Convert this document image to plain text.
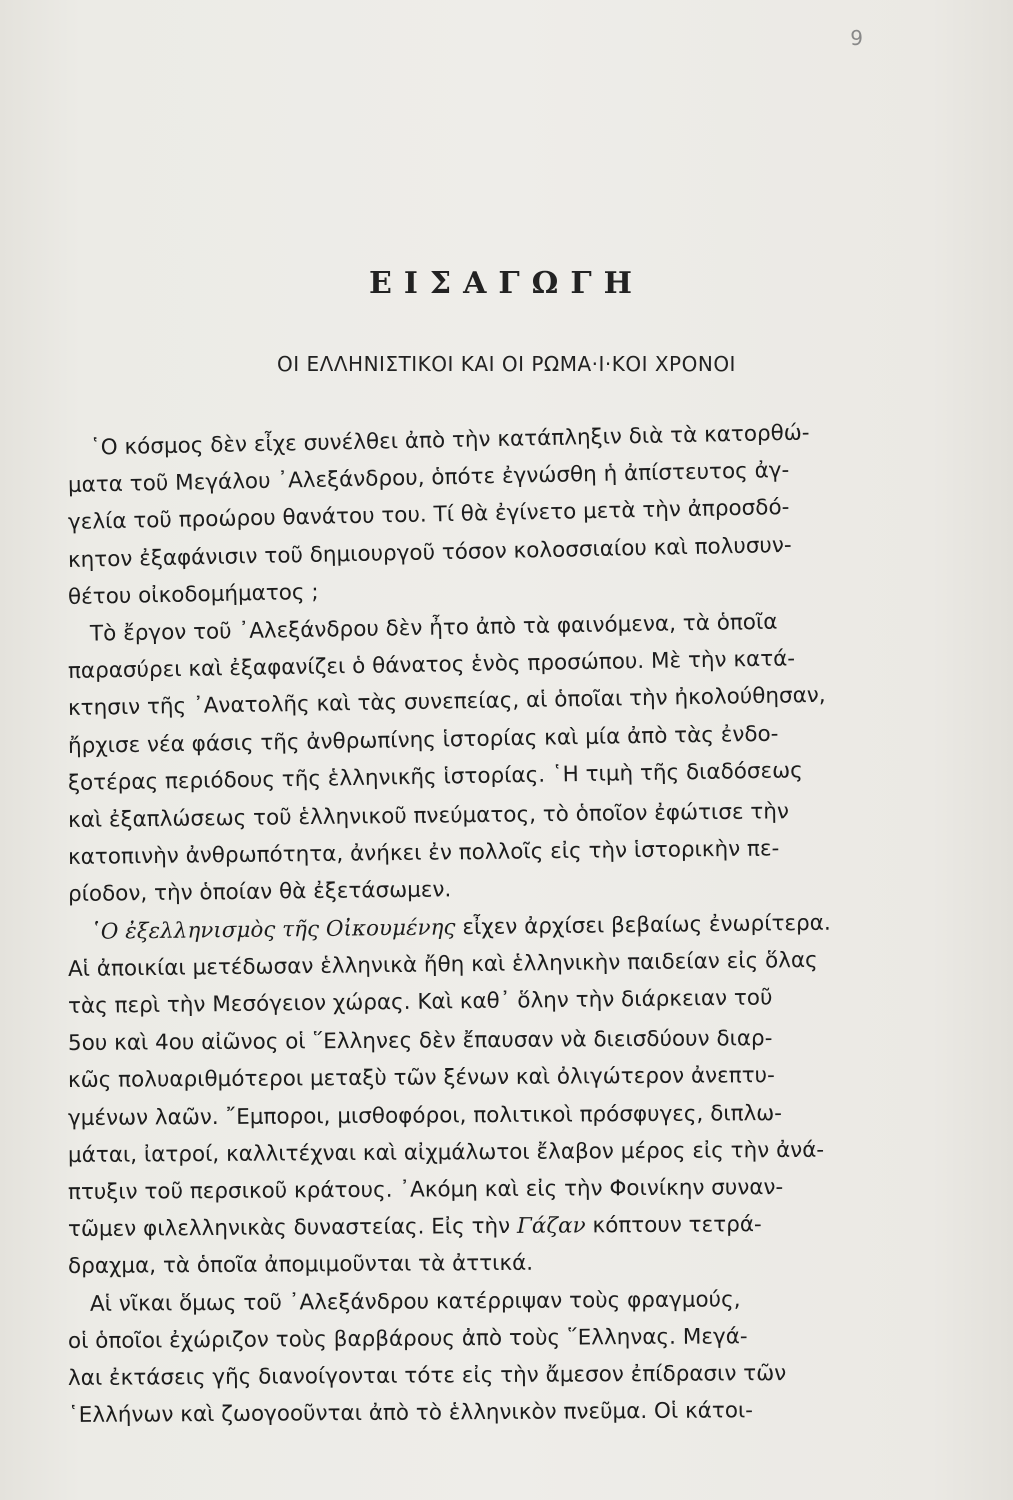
9
ΕΙΣΑΓΩΓΗ
ΟΙ ΕΛΛΗΝΙΣΤΙΚΟΙ ΚΑΙ ΟΙ ΡΩΜΑ·Ι·ΚΟΙ ΧΡΟΝΟΙ
῾Ο κόσμος δὲν εἶχε συνέλθει ἀπὸ τὴν κατάπληξιν διὰ τὰ κατορθώ-
ματα τοῦ Μεγάλου ᾿Αλεξάνδρου, ὁπότε ἐγνώσθη ἡ ἀπίστευτος ἀγ-
γελία τοῦ προώρου θανάτου του. Τί θὰ ἐγίνετο μετὰ τὴν ἀπροσδό-
κητον ἐξαφάνισιν τοῦ δημιουργοῦ τόσον κολοσσιαίου καὶ πολυσυν-
θέτου οἰκοδομήματος ;
Τὸ ἔργον τοῦ ᾿Αλεξάνδρου δὲν ἦτο ἀπὸ τὰ φαινόμενα, τὰ ὁποῖα
παρασύρει καὶ ἐξαφανίζει ὁ θάνατος ἑνὸς προσώπου. Μὲ τὴν κατά-
κτησιν τῆς ᾿Ανατολῆς καὶ τὰς συνεπείας, αἱ ὁποῖαι τὴν ἠκολούθησαν,
ἤρχισε νέα φάσις τῆς ἀνθρωπίνης ἱστορίας καὶ μία ἀπὸ τὰς ἐνδο-
ξοτέρας περιόδους τῆς ἑλληνικῆς ἱστορίας. ῾Η τιμὴ τῆς διαδόσεως
καὶ ἐξαπλώσεως τοῦ ἑλληνικοῦ πνεύματος, τὸ ὁποῖον ἐφώτισε τὴν
κατοπινὴν ἀνθρωπότητα, ἀνήκει ἐν πολλοῖς εἰς τὴν ἱστορικὴν πε-
ρίοδον, τὴν ὁποίαν θὰ ἐξετάσωμεν.
῾Ο ἐξελληνισμὸς τῆς Οἰκουμένης εἶχεν ἀρχίσει βεβαίως ἐνωρίτερα.
Αἱ ἀποικίαι μετέδωσαν ἑλληνικὰ ἤθη καὶ ἑλληνικὴν παιδείαν εἰς ὅλας
τὰς περὶ τὴν Μεσόγειον χώρας. Καὶ καθ᾿ ὅλην τὴν διάρκειαν τοῦ
5ου καὶ 4ου αἰῶνος οἱ ῞Ελληνες δὲν ἔπαυσαν νὰ διεισδύουν διαρ-
κῶς πολυαριθμότεροι μεταξὺ τῶν ξένων καὶ ὀλιγώτερον ἀνεπτυ-
γμένων λαῶν. ῎Εμποροι, μισθοφόροι, πολιτικοὶ πρόσφυγες, διπλω-
μάται, ἰατροί, καλλιτέχναι καὶ αἰχμάλωτοι ἔλαβον μέρος εἰς τὴν ἀνά-
πτυξιν τοῦ περσικοῦ κράτους. ᾿Ακόμη καὶ εἰς τὴν Φοινίκην συναν-
τῶμεν φιλελληνικὰς δυναστείας. Εἰς τὴν Γάζαν κόπτουν τετρά-
δραχμα, τὰ ὁποῖα ἀπομιμοῦνται τὰ ἀττικά.
Αἱ νῖκαι ὅμως τοῦ ᾿Αλεξάνδρου κατέρριψαν τοὺς φραγμούς,
οἱ ὁποῖοι ἐχώριζον τοὺς βαρβάρους ἀπὸ τοὺς ῞Ελληνας. Μεγά-
λαι ἐκτάσεις γῆς διανοίγονται τότε εἰς τὴν ἄμεσον ἐπίδρασιν τῶν
῾Ελλήνων καὶ ζωογοοῦνται ἀπὸ τὸ ἑλληνικὸν πνεῦμα. Οἱ κάτοι-
